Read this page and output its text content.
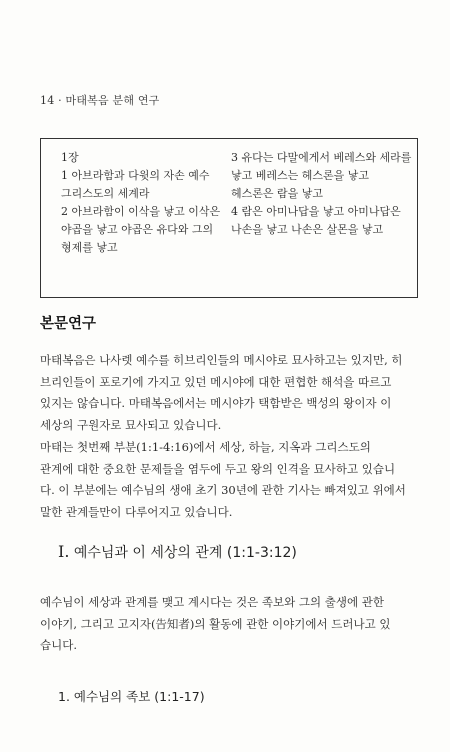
14 · 마태복음 분해 연구
1장
1 아브라함과 다윗의 자손 예수
그리스도의 세계라
2 아브라함이 이삭을 낳고 이삭은
야곱을 낳고 야곱은 유다와 그의
형제를 낳고
3 유다는 다말에게서 베레스와 세라를
낳고 베레스는 헤스론을 낳고
헤스론은 람을 낳고
4 람은 아미나답을 낳고 아미나답은
나손을 낳고 나손은 살몬을 낳고
본문연구
마태복음은 나사렛 예수를 히브리인들의 메시야로 묘사하고는 있지만, 히
브리인들이 포로기에 가지고 있던 메시야에 대한 편협한 해석을 따르고
있지는 않습니다. 마태복음에서는 메시야가 택함받은 백성의 왕이자 이
세상의 구원자로 묘사되고 있습니다.
마태는 첫번째 부분(1:1-4:16)에서 세상, 하늘, 지옥과 그리스도의
관계에 대한 중요한 문제들을 염두에 두고 왕의 인격을 묘사하고 있습니
다. 이 부분에는 예수님의 생애 초기 30년에 관한 기사는 빠져있고 위에서
말한 관계들만이 다루어지고 있습니다.
Ⅰ. 예수님과 이 세상의 관계 (1:1-3:12)
예수님이 세상과 관계를 맺고 계시다는 것은 족보와 그의 출생에 관한
이야기, 그리고 고지자(告知者)의 활동에 관한 이야기에서 드러나고 있
습니다.
1. 예수님의 족보 (1:1-17)
